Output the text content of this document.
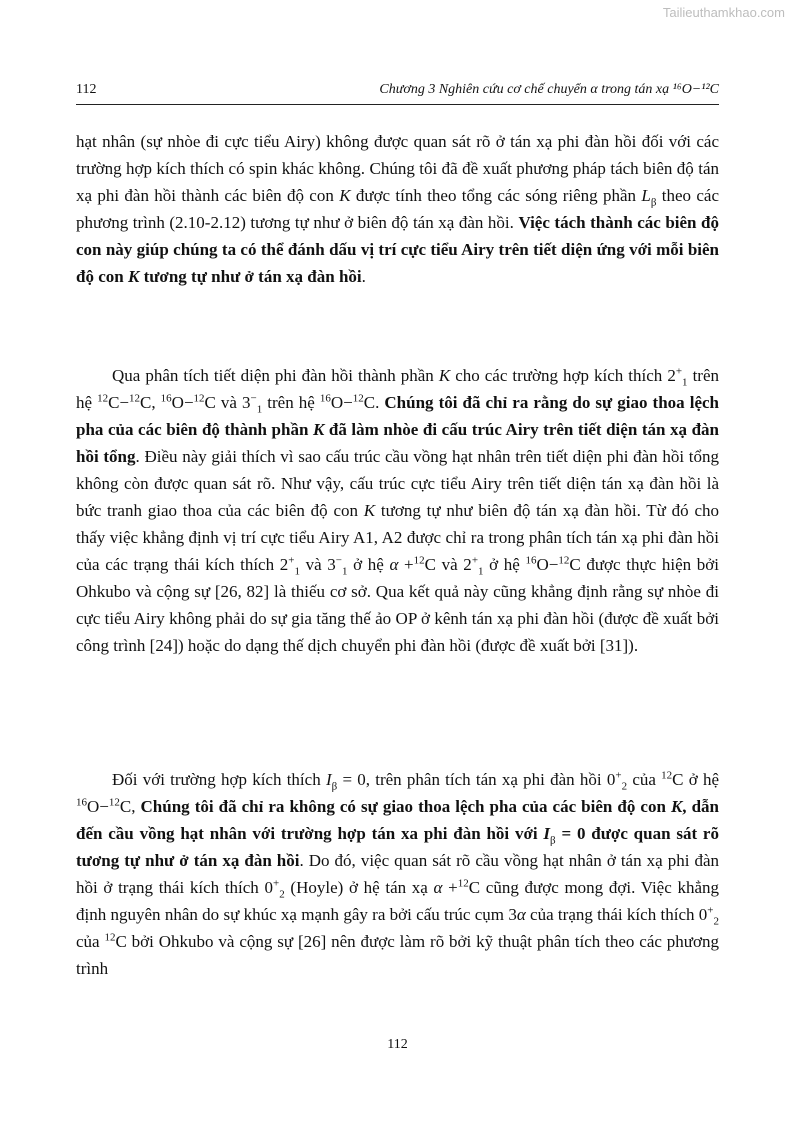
Tailieuthamkhao.com
112	Chương 3 Nghiên cứu cơ chế chuyển α trong tán xạ ¹⁶O−¹²C
hạt nhân (sự nhòe đi cực tiểu Airy) không được quan sát rõ ở tán xạ phi đàn hồi đối với các trường hợp kích thích có spin khác không. Chúng tôi đã đề xuất phương pháp tách biên độ tán xạ phi đàn hồi thành các biên độ con K được tính theo tổng các sóng riêng phần $L_\beta$ theo các phương trình (2.10-2.12) tương tự như ở biên độ tán xạ đàn hồi. Việc tách thành các biên độ con này giúp chúng ta có thể đánh dấu vị trí cực tiểu Airy trên tiết diện ứng với mỗi biên độ con K tương tự như ở tán xạ đàn hồi.
Qua phân tích tiết diện phi đàn hồi thành phần K cho các trường hợp kích thích $2^+_1$ trên hệ $^{12}$C−$^{12}$C, $^{16}$O−$^{12}$C và $3^-_1$ trên hệ $^{16}$O−$^{12}$C. Chúng tôi đã chỉ ra rằng do sự giao thoa lệch pha của các biên độ thành phần K đã làm nhòe đi cấu trúc Airy trên tiết diện tán xạ đàn hồi tổng. Điều này giải thích vì sao cấu trúc cầu vồng hạt nhân trên tiết diện phi đàn hồi tổng không còn được quan sát rõ. Như vậy, cấu trúc cực tiểu Airy trên tiết diện tán xạ đàn hồi là bức tranh giao thoa của các biên độ con K tương tự như biên độ tán xạ đàn hồi. Từ đó cho thấy việc khẳng định vị trí cực tiểu Airy A1, A2 được chỉ ra trong phân tích tán xạ phi đàn hồi của các trạng thái kích thích $2^+_1$ và $3^-_1$ ở hệ α +$^{12}$C và $2^+_1$ ở hệ $^{16}$O−$^{12}$C được thực hiện bởi Ohkubo và cộng sự [26, 82] là thiếu cơ sở. Qua kết quả này cũng khẳng định rằng sự nhòe đi cực tiểu Airy không phải do sự gia tăng thế ảo OP ở kênh tán xạ phi đàn hồi (được đề xuất bởi công trình [24]) hoặc do dạng thế dịch chuyển phi đàn hồi (được đề xuất bởi [31]).
Đối với trường hợp kích thích $I_\beta = 0$, trên phân tích tán xạ phi đàn hồi $0^+_2$ của $^{12}$C ở hệ $^{16}$O−$^{12}$C, Chúng tôi đã chỉ ra không có sự giao thoa lệch pha của các biên độ con K, dẫn đến cầu vồng hạt nhân với trường hợp tán xa phi đàn hồi với $I_\beta = 0$ được quan sát rõ tương tự như ở tán xạ đàn hồi. Do đó, việc quan sát rõ cầu vồng hạt nhân ở tán xạ phi đàn hồi ở trạng thái kích thích $0^+_2$ (Hoyle) ở hệ tán xạ α +$^{12}$C cũng được mong đợi. Việc khẳng định nguyên nhân do sự khúc xạ mạnh gây ra bởi cấu trúc cụm 3α của trạng thái kích thích $0^+_2$ của $^{12}$C bởi Ohkubo và cộng sự [26] nên được làm rõ bởi kỹ thuật phân tích theo các phương trình
112
